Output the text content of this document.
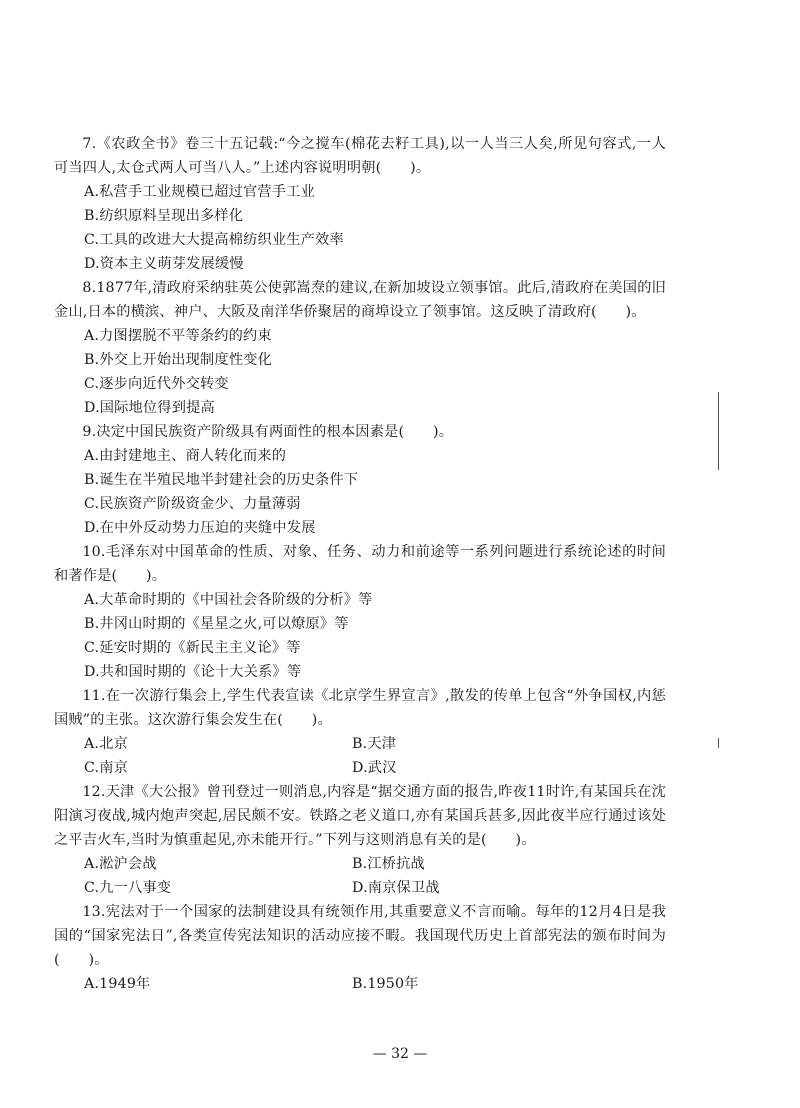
7.《农政全书》卷三十五记载:“今之搅车(棉花去籽工具),以一人当三人矣,所见句容式,一人可当四人,太仓式两人可当八人。”上述内容说明明朝(　　)。

A.私营手工业规模已超过官营手工业
B.纺织原料呈现出多样化
C.工具的改进大大提高棉纺织业生产效率
D.资本主义萌芽发展缓慢

8.1877年,清政府采纳驻英公使郭嵩焘的建议,在新加坡设立领事馆。此后,清政府在美国的旧金山,日本的横滨、神户、大阪及南洋华侨聚居的商埠设立了领事馆。这反映了清政府(　　)。

A.力图摆脱不平等条约的约束
B.外交上开始出现制度性变化
C.逐步向近代外交转变
D.国际地位得到提高

9.决定中国民族资产阶级具有两面性的根本因素是(　　)。

A.由封建地主、商人转化而来的
B.诞生在半殖民地半封建社会的历史条件下
C.民族资产阶级资金少、力量薄弱
D.在中外反动势力压迫的夹缝中发展

10.毛泽东对中国革命的性质、对象、任务、动力和前途等一系列问题进行系统论述的时间和著作是(　　)。

A.大革命时期的《中国社会各阶级的分析》等
B.井冈山时期的《星星之火,可以燎原》等
C.延安时期的《新民主主义论》等
D.共和国时期的《论十大关系》等

11.在一次游行集会上,学生代表宣读《北京学生界宣言》,散发的传单上包含“外争国权,内惩国贼”的主张。这次游行集会发生在(　　)。

A.北京	B.天津
C.南京	D.武汉

12.天津《大公报》曾刊登过一则消息,内容是“据交通方面的报告,昨夜11时许,有某国兵在沈阳演习夜战,城内炮声突起,居民颇不安。铁路之老义道口,亦有某国兵甚多,因此夜半应行通过该处之平吉火车,当时为慎重起见,亦未能开行。”下列与这则消息有关的是(　　)。

A.淞沪会战	B.江桥抗战
C.九一八事变	D.南京保卫战

13.宪法对于一个国家的法制建设具有统领作用,其重要意义不言而喻。每年的12月4日是我国的“国家宪法日”,各类宣传宪法知识的活动应接不暇。我国现代历史上首部宪法的颁布时间为(　　)。

A.1949年	B.1950年
— 32 —
